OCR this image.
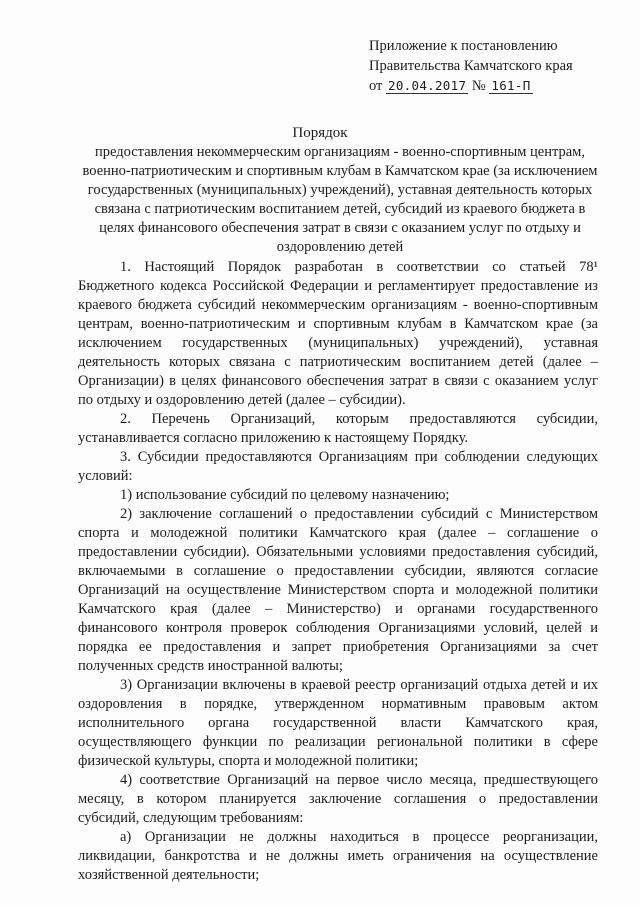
Приложение к постановлению
Правительства Камчатского края
от 20.04.2017 № 161-П
Порядок

предоставления некоммерческим организациям - военно-спортивным центрам, военно-патриотическим и спортивным клубам в Камчатском крае (за исключением государственных (муниципальных) учреждений), уставная деятельность которых связана с патриотическим воспитанием детей, субсидий из краевого бюджета в целях финансового обеспечения затрат в связи с оказанием услуг по отдыху и оздоровлению детей

1. Настоящий Порядок разработан в соответствии со статьей 78¹ Бюджетного кодекса Российской Федерации и регламентирует предоставление из краевого бюджета субсидий некоммерческим организациям - военно-спортивным центрам, военно-патриотическим и спортивным клубам в Камчатском крае (за исключением государственных (муниципальных) учреждений), уставная деятельность которых связана с патриотическим воспитанием детей (далее – Организации) в целях финансового обеспечения затрат в связи с оказанием услуг по отдыху и оздоровлению детей (далее – субсидии).

2. Перечень Организаций, которым предоставляются субсидии, устанавливается согласно приложению к настоящему Порядку.

3. Субсидии предоставляются Организациям при соблюдении следующих условий:

1) использование субсидий по целевому назначению;

2) заключение соглашений о предоставлении субсидий с Министерством спорта и молодежной политики Камчатского края (далее – соглашение о предоставлении субсидии). Обязательными условиями предоставления субсидий, включаемыми в соглашение о предоставлении субсидии, являются согласие Организаций на осуществление Министерством спорта и молодежной политики Камчатского края (далее – Министерство) и органами государственного финансового контроля проверок соблюдения Организациями условий, целей и порядка ее предоставления и запрет приобретения Организациями за счет полученных средств иностранной валюты;

3) Организации включены в краевой реестр организаций отдыха детей и их оздоровления в порядке, утвержденном нормативным правовым актом исполнительного органа государственной власти Камчатского края, осуществляющего функции по реализации региональной политики в сфере физической культуры, спорта и молодежной политики;

4) соответствие Организаций на первое число месяца, предшествующего месяцу, в котором планируется заключение соглашения о предоставлении субсидий, следующим требованиям:

а) Организации не должны находиться в процессе реорганизации, ликвидации, банкротства и не должны иметь ограничения на осуществление хозяйственной деятельности;
